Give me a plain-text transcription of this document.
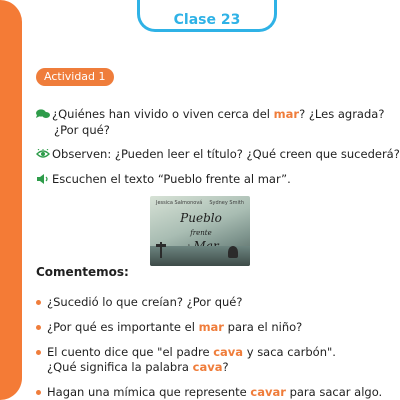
Clase 23
Actividad 1
¿Quiénes han vivido o viven cerca del mar? ¿Les agrada?
¿Por qué?
Observen: ¿Pueden leer el título? ¿Qué creen que sucederá?
Escuchen el texto “Pueblo frente al mar”.
Jessica Salmonová Sydney Smith
Pueblo frente

Comentemos:
¿Sucedió lo que creían? ¿Por qué?
¿Por qué es importante el mar para el niño?
El cuento dice que "el padre cava y saca carbón".
¿Qué significa la palabra cava?
Hagan una mímica que represente cavar para sacar algo.
